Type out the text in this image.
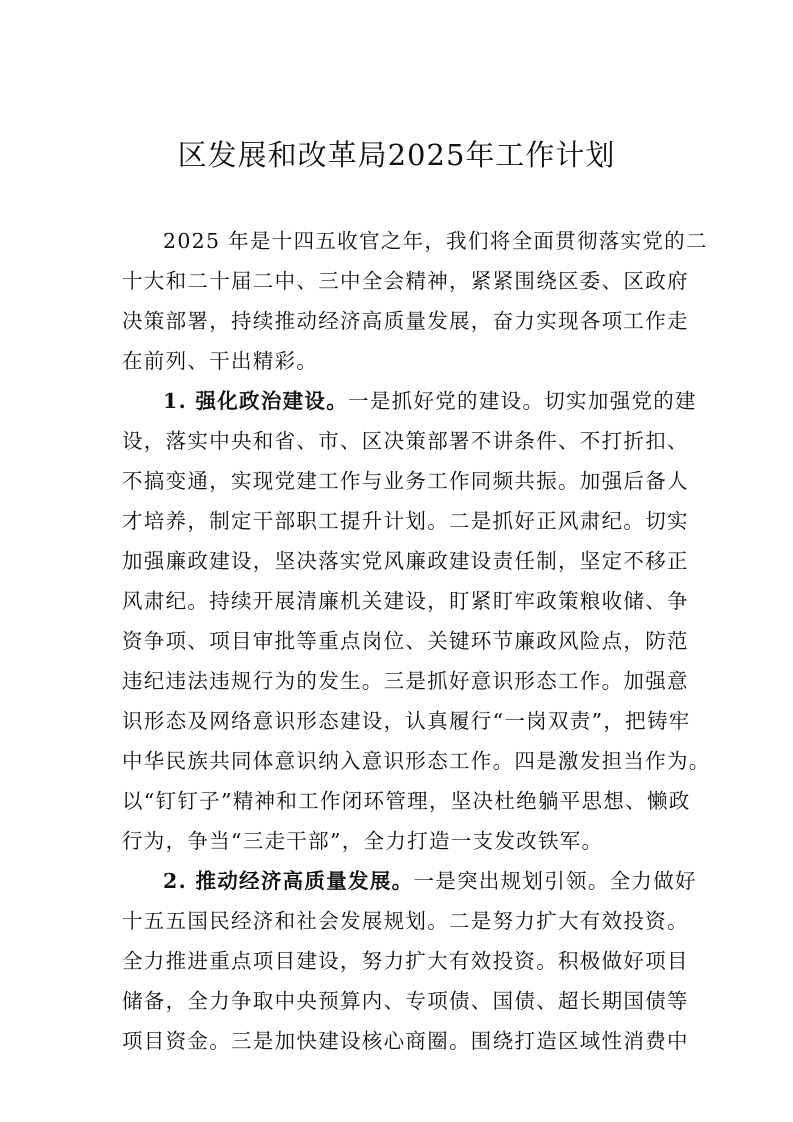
区发展和改革局2025年工作计划
2025 年是十四五收官之年，我们将全面贯彻落实党的二
十大和二十届二中、三中全会精神，紧紧围绕区委、区政府
决策部署，持续推动经济高质量发展，奋力实现各项工作走
在前列、干出精彩。
1. 强化政治建设。一是抓好党的建设。切实加强党的建
设，落实中央和省、市、区决策部署不讲条件、不打折扣、
不搞变通，实现党建工作与业务工作同频共振。加强后备人
才培养，制定干部职工提升计划。二是抓好正风肃纪。切实
加强廉政建设，坚决落实党风廉政建设责任制，坚定不移正
风肃纪。持续开展清廉机关建设，盯紧盯牢政策粮收储、争
资争项、项目审批等重点岗位、关键环节廉政风险点，防范
违纪违法违规行为的发生。三是抓好意识形态工作。加强意
识形态及网络意识形态建设，认真履行“一岗双责”，把铸牢
中华民族共同体意识纳入意识形态工作。四是激发担当作为。
以“钉钉子”精神和工作闭环管理，坚决杜绝躺平思想、懒政
行为，争当“三走干部”，全力打造一支发改铁军。
2. 推动经济高质量发展。一是突出规划引领。全力做好
十五五国民经济和社会发展规划。二是努力扩大有效投资。
全力推进重点项目建设，努力扩大有效投资。积极做好项目
储备，全力争取中央预算内、专项债、国债、超长期国债等
项目资金。三是加快建设核心商圈。围绕打造区域性消费中
